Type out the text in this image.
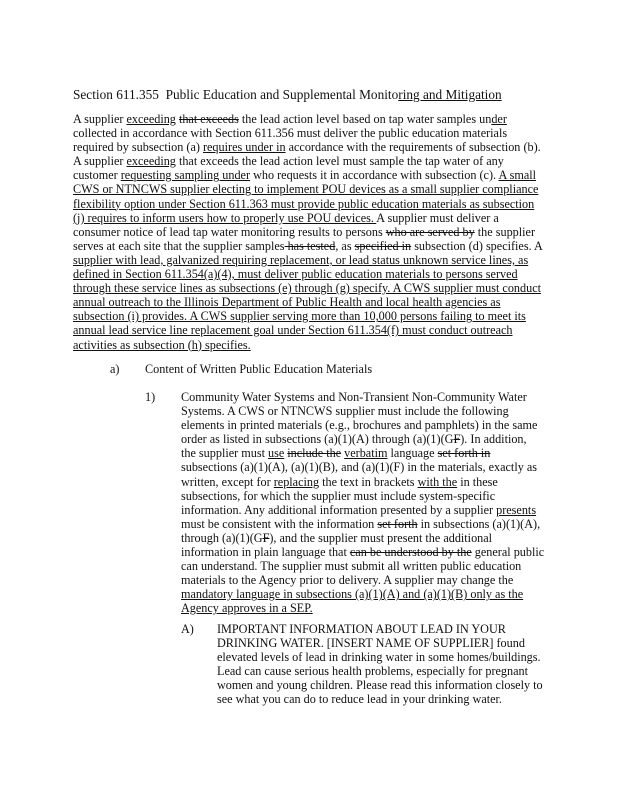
Section 611.355 Public Education and Supplemental Monitoring and Mitigation
A supplier exceeding that exceeds the lead action level based on tap water samples under
collected in accordance with Section 611.356 must deliver the public education materials
required by subsection (a) requires under in accordance with the requirements of subsection (b).
A supplier exceeding that exceeds the lead action level must sample the tap water of any
customer requesting sampling under who requests it in accordance with subsection (c). A small
CWS or NTNCWS supplier electing to implement POU devices as a small supplier compliance
flexibility option under Section 611.363 must provide public education materials as subsection
(j) requires to inform users how to properly use POU devices. A supplier must deliver a
consumer notice of lead tap water monitoring results to persons who are served by the supplier
serves at each site that the supplier samples has tested, as specified in subsection (d) specifies. A
supplier with lead, galvanized requiring replacement, or lead status unknown service lines, as
defined in Section 611.354(a)(4), must deliver public education materials to persons served
through these service lines as subsections (e) through (g) specify. A CWS supplier must conduct
annual outreach to the Illinois Department of Public Health and local health agencies as
subsection (i) provides. A CWS supplier serving more than 10,000 persons failing to meet its
annual lead service line replacement goal under Section 611.354(f) must conduct outreach
activities as subsection (h) specifies.
a) Content of Written Public Education Materials
1) Community Water Systems and Non-Transient Non-Community Water
Systems. A CWS or NTNCWS supplier must include the following
elements in printed materials (e.g., brochures and pamphlets) in the same
order as listed in subsections (a)(1)(A) through (a)(1)(GF). In addition,
the supplier must use include the verbatim language set forth in
subsections (a)(1)(A), (a)(1)(B), and (a)(1)(F) in the materials, exactly as
written, except for replacing the text in brackets with the in these
subsections, for which the supplier must include system-specific
information. Any additional information presented by a supplier presents
must be consistent with the information set forth in subsections (a)(1)(A),
through (a)(1)(GF), and the supplier must present the additional
information in plain language that can be understood by the general public
can understand. The supplier must submit all written public education
materials to the Agency prior to delivery. A supplier may change the
mandatory language in subsections (a)(1)(A) and (a)(1)(B) only as the
Agency approves in a SEP.
A) IMPORTANT INFORMATION ABOUT LEAD IN YOUR
DRINKING WATER. [INSERT NAME OF SUPPLIER] found
elevated levels of lead in drinking water in some homes/buildings.
Lead can cause serious health problems, especially for pregnant
women and young children. Please read this information closely to
see what you can do to reduce lead in your drinking water.
